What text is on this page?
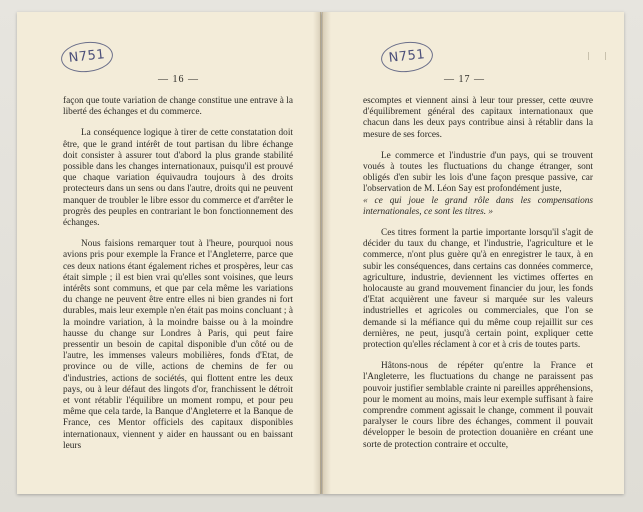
N751
— 16 —

façon que toute variation de change constitue une entrave à la liberté des échanges et du commerce.

La conséquence logique à tirer de cette constatation doit être, que le grand intérêt de tout partisan du libre échange doit consister à assurer tout d'abord la plus grande stabilité possible dans les changes internationaux, puisqu'il est prouvé que chaque variation équivaudra toujours à des droits protecteurs dans un sens ou dans l'autre, droits qui ne peuvent manquer de troubler le libre essor du commerce et d'arrêter le progrès des peuples en contrariant le bon fonctionnement des échanges.

Nous faisions remarquer tout à l'heure, pourquoi nous avions pris pour exemple la France et l'Angleterre, parce que ces deux nations étant également riches et prospères, leur cas était simple ; il est bien vrai qu'elles sont voisines, que leurs intérêts sont communs, et que par cela même les variations du change ne peuvent être entre elles ni bien grandes ni fort durables, mais leur exemple n'en était pas moins concluant ; à la moindre variation, à la moindre baisse ou à la moindre hausse du change sur Londres à Paris, qui peut faire pressentir un besoin de capital disponible d'un côté ou de l'autre, les immenses valeurs mobilières, fonds d'Etat, de province ou de ville, actions de chemins de fer ou d'industries, actions de sociétés, qui flottent entre les deux pays, ou à leur défaut des lingots d'or, franchissent le détroit et vont rétablir l'équilibre un moment rompu, et pour peu même que cela tarde, la Banque d'Angleterre et la Banque de France, ces Mentor officiels des capitaux disponibles internationaux, viennent y aider en haussant ou en baissant leurs

N751
— 17 —

escomptes et viennent ainsi à leur tour presser, cette œuvre d'équilibrement général des capitaux internationaux que chacun dans les deux pays contribue ainsi à rétablir dans la mesure de ses forces.

Le commerce et l'industrie d'un pays, qui se trouvent voués à toutes les fluctuations du change étranger, sont obligés d'en subir les lois d'une façon presque passive, car l'observation de M. Léon Say est profondément juste,

« ce qui joue le grand rôle dans les compensations internationales, ce sont les titres. »

Ces titres forment la partie importante lorsqu'il s'agit de décider du taux du change, et l'industrie, l'agriculture et le commerce, n'ont plus guère qu'à en enregistrer le taux, à en subir les conséquences, dans certains cas données commerce, agriculture, industrie, deviennent les victimes offertes en holocauste au grand mouvement financier du jour, les fonds d'Etat acquièrent une faveur si marquée sur les valeurs industrielles et agricoles ou commerciales, que l'on se demande si la méfiance qui du même coup rejaillit sur ces dernières, ne peut, jusqu'à certain point, expliquer cette protection qu'elles réclament à cor et à cris de toutes parts.

Hâtons-nous de répéter qu'entre la France et l'Angleterre, les fluctuations du change ne paraissent pas pouvoir justifier semblable crainte ni pareilles appréhensions, pour le moment au moins, mais leur exemple suffisant à faire comprendre comment agissait le change, comment il pouvait paralyser le cours libre des échanges, comment il pouvait développer le besoin de protection douanière en créant une sorte de protection contraire et occulte,
